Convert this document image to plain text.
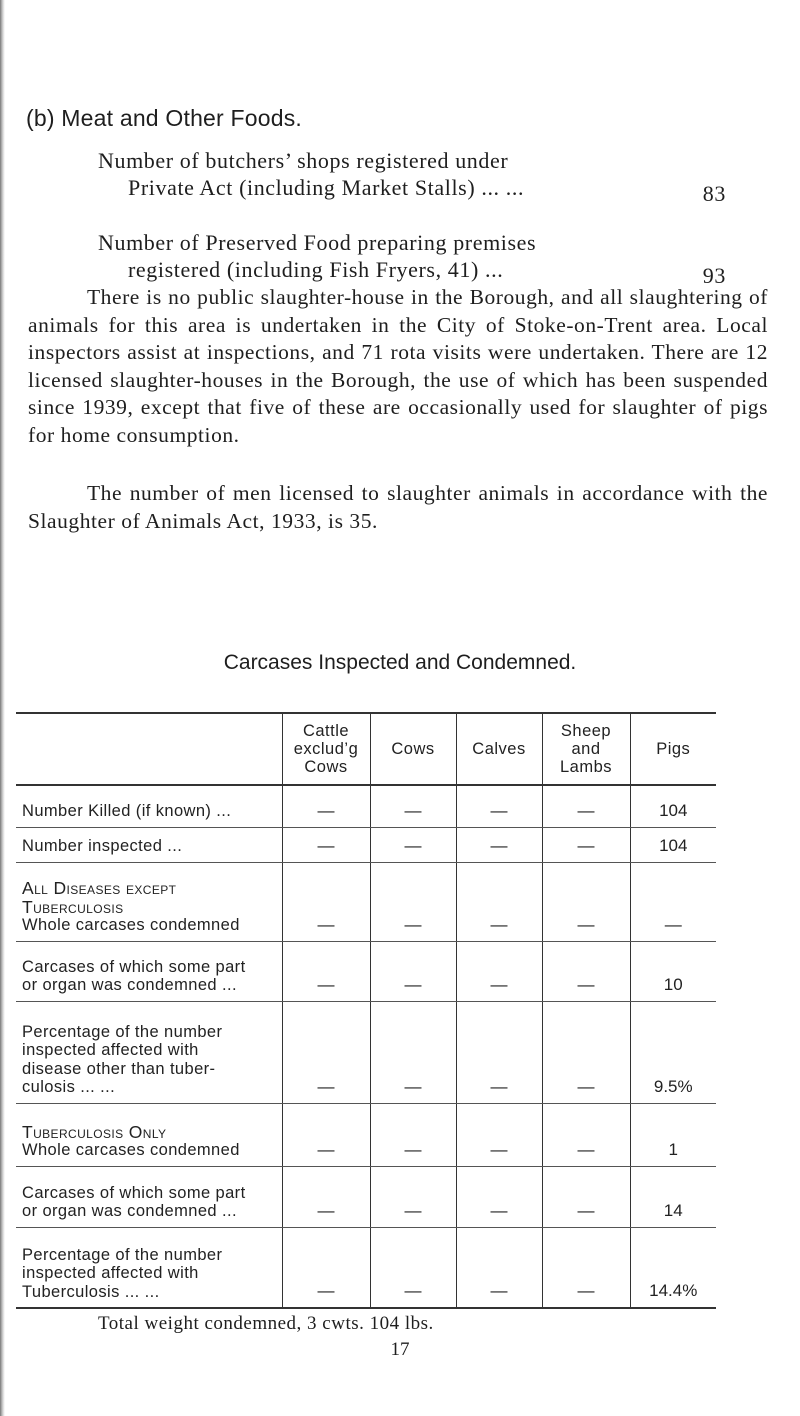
(b) Meat and Other Foods.
Number of butchers’ shops registered under
Private Act (including Market Stalls) ... ...	83
Number of Preserved Food preparing premises
registered (including Fish Fryers, 41) ...	93

There is no public slaughter-house in the Borough, and all slaughtering of animals for this area is undertaken in the City of Stoke-on-Trent area. Local inspectors assist at inspections, and 71 rota visits were undertaken. There are 12 licensed slaughter-houses in the Borough, the use of which has been suspended since 1939, except that five of these are occasionally used for slaughter of pigs for home consumption.

The number of men licensed to slaughter animals in accordance with the Slaughter of Animals Act, 1933, is 35.

Carcases Inspected and Condemned.

	Cattle
exclud’g
Cows	Cows	Calves	Sheep
and
Lambs	Pigs

Number Killed (if known) ...	—	—	—	—	104

Number inspected ...	—	—	—	—	104

All Diseases except
Tuberculosis
Whole carcases condemned	—	—	—	—	—

Carcases of which some part
or organ was condemned ...	—	—	—	—	10

Percentage of the number
inspected affected with
disease other than tuber-
culosis ... ...	—	—	—	—	9.5%

Tuberculosis Only
Whole carcases condemned	—	—	—	—	1

Carcases of which some part
or organ was condemned ...	—	—	—	—	14

Percentage of the number
inspected affected with
Tuberculosis ... ...	—	—	—	—	14.4%
Total weight condemned, 3 cwts. 104 lbs.
17
